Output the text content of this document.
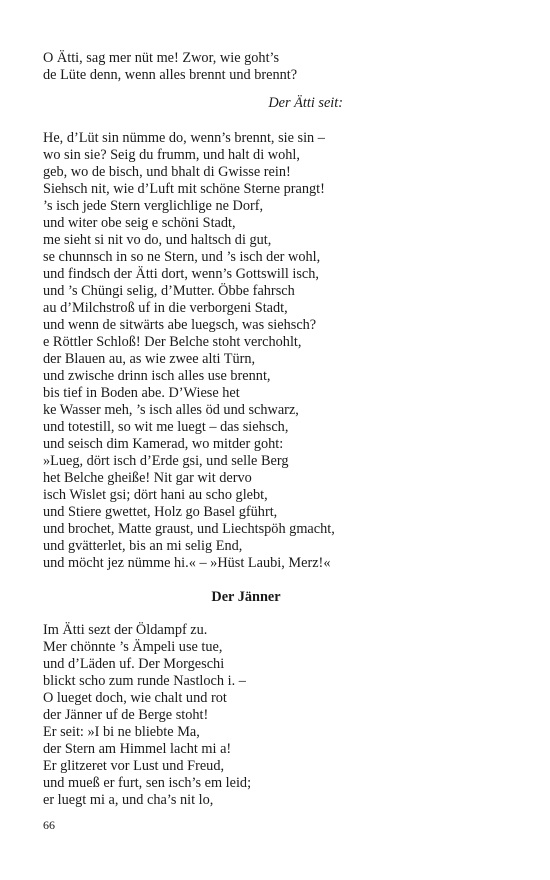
O Ätti, sag mer nüt me! Zwor, wie goht’s
de Lüte denn, wenn alles brennt und brennt?
Der Ätti seit:
He, d’Lüt sin nümme do, wenn’s brennt, sie sin –
wo sin sie? Seig du frumm, und halt di wohl,
geb, wo de bisch, und bhalt di Gwisse rein!
Siehsch nit, wie d’Luft mit schöne Sterne prangt!
’s isch jede Stern verglichlige ne Dorf,
und witer obe seig e schöni Stadt,
me sieht si nit vo do, und haltsch di gut,
se chunnsch in so ne Stern, und ’s isch der wohl,
und findsch der Ätti dort, wenn’s Gottswill isch,
und ’s Chüngi selig, d’Mutter. Öbbe fahrsch
au d’Milchstroß uf in die verborgeni Stadt,
und wenn de sitwärts abe luegsch, was siehsch?
e Röttler Schloß! Der Belche stoht verchohlt,
der Blauen au, as wie zwee alti Türn,
und zwische drinn isch alles use brennt,
bis tief in Boden abe. D’Wiese het
ke Wasser meh, ’s isch alles öd und schwarz,
und totestill, so wit me luegt – das siehsch,
und seisch dim Kamerad, wo mitder goht:
»Lueg, dört isch d’Erde gsi, und selle Berg
het Belche gheiße! Nit gar wit dervo
isch Wislet gsi; dört hani au scho glebt,
und Stiere gwettet, Holz go Basel gführt,
und brochet, Matte graust, und Liechtspöh gmacht,
und gvätterlet, bis an mi selig End,
und möcht jez nümme hi.« – »Hüst Laubi, Merz!«
Der Jänner
Im Ätti sezt der Öldampf zu.
Mer chönnte ’s Ämpeli use tue,
und d’Läden uf. Der Morgeschi
blickt scho zum runde Nastloch i. –
O lueget doch, wie chalt und rot
der Jänner uf de Berge stoht!
Er seit: »I bi ne bliebte Ma,
der Stern am Himmel lacht mi a!
Er glitzeret vor Lust und Freud,
und mueß er furt, sen isch’s em leid;
er luegt mi a, und cha’s nit lo,
66
